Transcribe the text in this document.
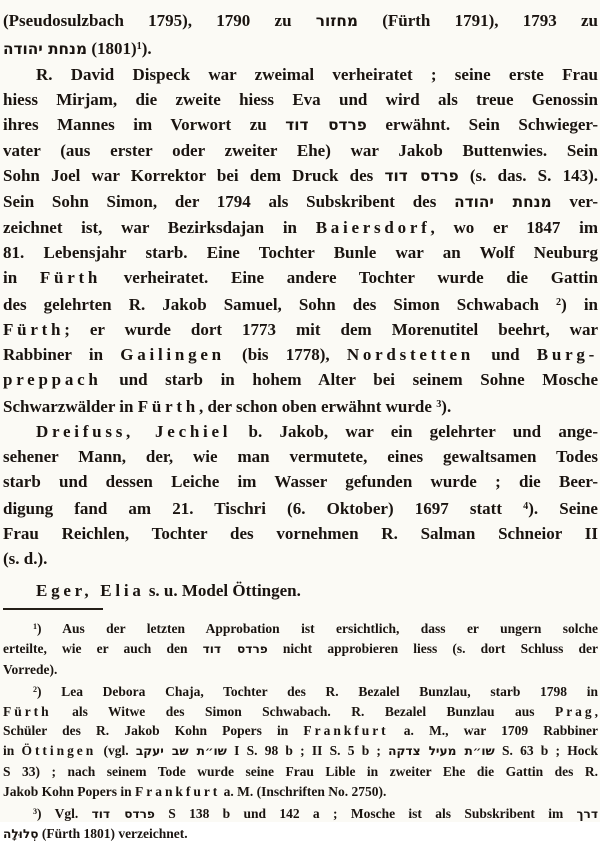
(Pseudosulzbach 1795), 1790 zu מחזור (Fürth 1791), 1793 zu
מנחת יהודה $(1801)^1$).
R. David Dispeck war zweimal verheiratet ; seine erste Frau
hiess Mirjam, die zweite hiess Eva und wird als treue Genossin
ihres Mannes im Vorwort zu פרדס דוד erwähnt. Sein Schwieger-
vater (aus erster oder zweiter Ehe) war Jakob Buttenwies. Sein
Sohn Joel war Korrektor bei dem Druck des פרדס דוד (s. das. S. 143).
Sein Sohn Simon, der 1794 als Subskribent des מנחת יהודה ver-
zeichnet ist, war Bezirksdajan in Baiersdorf, wo er 1847 im
81. Lebensjahr starb. Eine Tochter Bunle war an Wolf Neuburg
in Fürth verheiratet. Eine andere Tochter wurde die Gattin
des gelehrten R. Jakob Samuel, Sohn des Simon Schwabach $^2$) in
Fürth; er wurde dort 1773 mit dem Morenutitel beehrt, war
Rabbiner in Gailingen (bis 1778), Nordstetten und Burg-
preppach und starb in hohem Alter bei seinem Sohne Mosche
Schwarzwälder in Fürth, der schon oben erwähnt wurde $^3$).
Dreifuss, Jechiel b. Jakob, war ein gelehrter und ange-
sehener Mann, der, wie man vermutete, eines gewaltsamen Todes
starb und dessen Leiche im Wasser gefunden wurde ; die Beer-
digung fand am 21. Tischri (6. Oktober) 1697 statt $^4$). Seine
Frau Reichlen, Tochter des vornehmen R. Salman Schneior II
(s. d.).
Eger, Elia s. u. Model Öttingen.
$^1$) Aus der letzten Approbation ist ersichtlich, dass er ungern solche
erteilte, wie er auch den פרדס דוד nicht approbieren liess (s. dort Schluss der
Vorrede).
$^2$) Lea Debora Chaja, Tochter des R. Bezalel Bunzlau, starb 1798 in
Fürth als Witwe des Simon Schwabach. R. Bezalel Bunzlau aus Prag,
Schüler des R. Jakob Kohn Popers in Frankfurt a. M., war 1709 Rabbiner
in Öttingen (vgl. שו״ת שב יעקב I S. 98 b ; II S. 5 b ; שו״ת מעיל צדקה S. 63 b ; Hock
S 33) ; nach seinem Tode wurde seine Frau Lible in zweiter Ehe die Gattin des R.
Jakob Kohn Popers in Frankfurt a. M. (Inschriften No. 2750).
$^3$) Vgl. פרדס דוד S 138 b und 142 a ; Mosche ist als Subskribent im דרך
סְלוּלָה (Fürth 1801) verzeichnet.
